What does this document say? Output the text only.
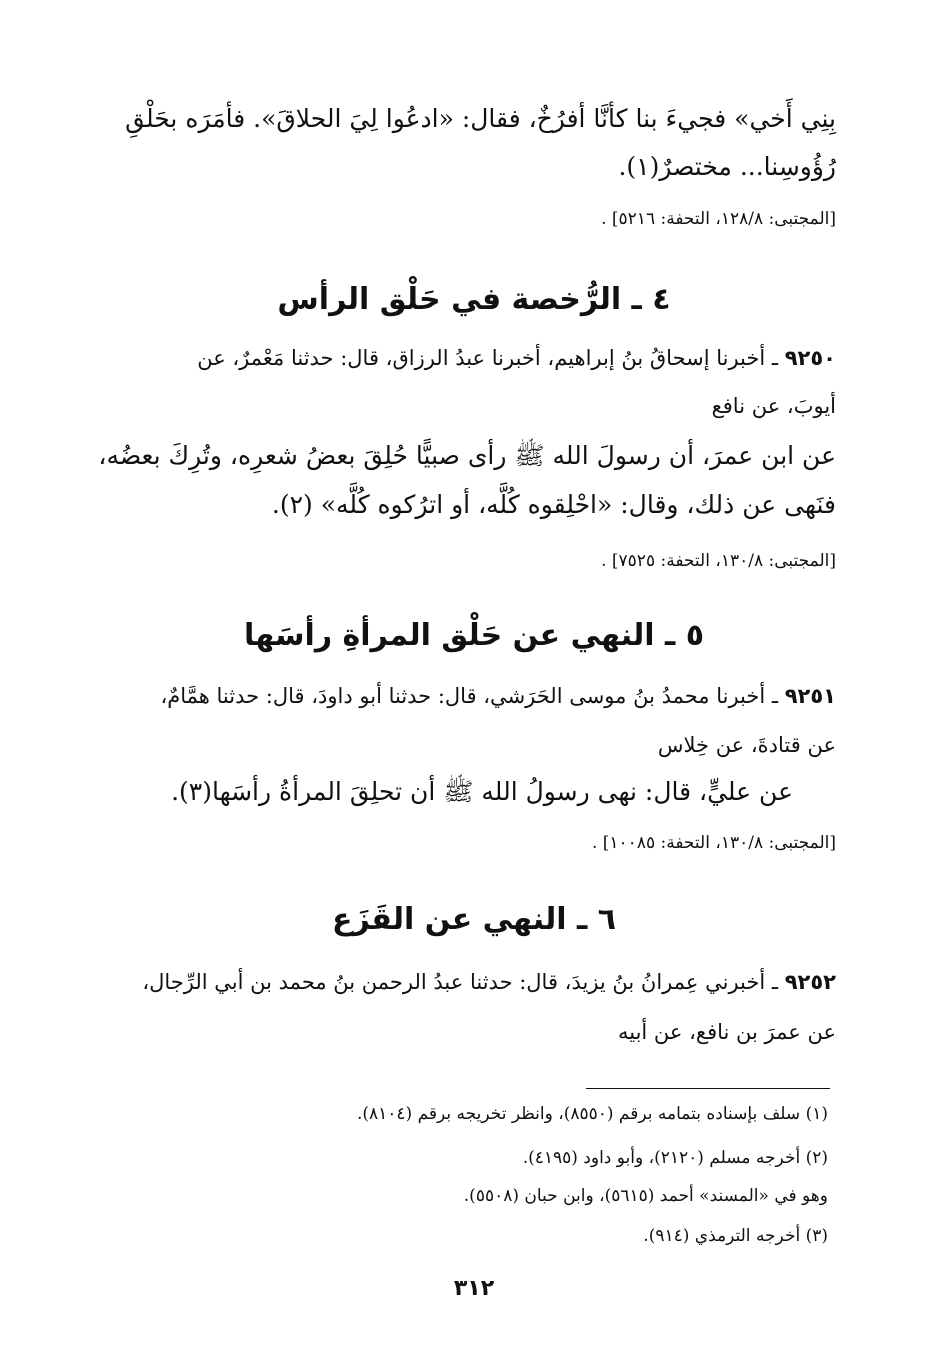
بِنِي أَخي» فجيءَ بنا كأنَّا أفرُخٌ، فقال: «ادعُوا لِيَ الحلاقَ». فأمَرَه بحَلْقِ
رُؤُوسِنا... مختصرٌ(١).
[المجتبى: ١٢٨/٨، التحفة: ٥٢١٦] .
٤ ـ الرُّخصة في حَلْق الرأس
٩٢٥٠ ـ أخبرنا إسحاقُ بنُ إبراهيم، أخبرنا عبدُ الرزاق، قال: حدثنا مَعْمرٌ، عن
أيوبَ، عن نافع
عن ابن عمرَ، أن رسولَ الله ﷺ رأى صبيًّا حُلِقَ بعضُ شعرِه، وتُرِكَ بعضُه،
فنَهى عن ذلك، وقال: «احْلِقوه كُلَّه، أو اترُكوه كُلَّه» (٢).
[المجتبى: ١٣٠/٨، التحفة: ٧٥٢٥] .
٥ ـ النهي عن حَلْق المرأةِ رأسَها
٩٢٥١ ـ أخبرنا محمدُ بنُ موسى الحَرَشي، قال: حدثنا أبو داودَ، قال: حدثنا همَّامٌ،
عن قتادةَ، عن خِلاس
عن عليٍّ، قال: نهى رسولُ الله ﷺ أن تحلِقَ المرأةُ رأسَها(٣).
[المجتبى: ١٣٠/٨، التحفة: ١٠٠٨٥] .
٦ ـ النهي عن القَزَع
٩٢٥٢ ـ أخبرني عِمرانُ بنُ يزيدَ، قال: حدثنا عبدُ الرحمن بنُ محمد بن أبي الرِّجال،
عن عمرَ بن نافع، عن أبيه
(١) سلف بإسناده بتمامه برقم (٨٥٥٠)، وانظر تخريجه برقم (٨١٠٤).
(٢) أخرجه مسلم (٢١٢٠)، وأبو داود (٤١٩٥).
وهو في «المسند» أحمد (٥٦١٥)، وابن حبان (٥٥٠٨).
(٣) أخرجه الترمذي (٩١٤).
٣١٢
